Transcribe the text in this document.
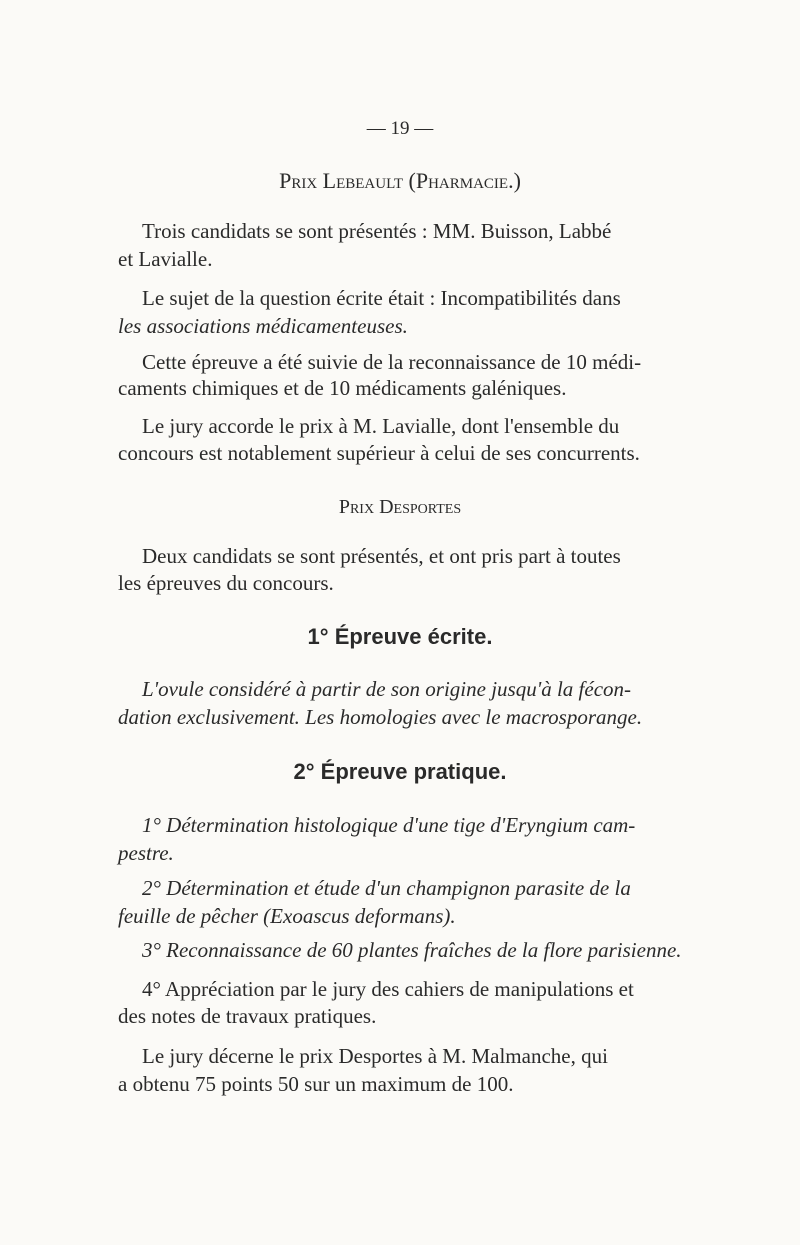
— 19 —
Prix Lebeault (Pharmacie.)
Trois candidats se sont présentés : MM. Buisson, Labbé
et Lavialle.
Le sujet de la question écrite était : Incompatibilités dans
les associations médicamenteuses.
Cette épreuve a été suivie de la reconnaissance de 10 médi-
caments chimiques et de 10 médicaments galéniques.
Le jury accorde le prix à M. Lavialle, dont l'ensemble du
concours est notablement supérieur à celui de ses concurrents.
Prix Desportes
Deux candidats se sont présentés, et ont pris part à toutes
les épreuves du concours.
1° Épreuve écrite.
L'ovule considéré à partir de son origine jusqu'à la fécon-
dation exclusivement. Les homologies avec le macrosporange.
2° Épreuve pratique.
1° Détermination histologique d'une tige d'Eryngium cam-
pestre.
2° Détermination et étude d'un champignon parasite de la
feuille de pêcher (Exoascus deformans).
3° Reconnaissance de 60 plantes fraîches de la flore parisienne.
4° Appréciation par le jury des cahiers de manipulations et
des notes de travaux pratiques.
Le jury décerne le prix Desportes à M. Malmanche, qui
a obtenu 75 points 50 sur un maximum de 100.
